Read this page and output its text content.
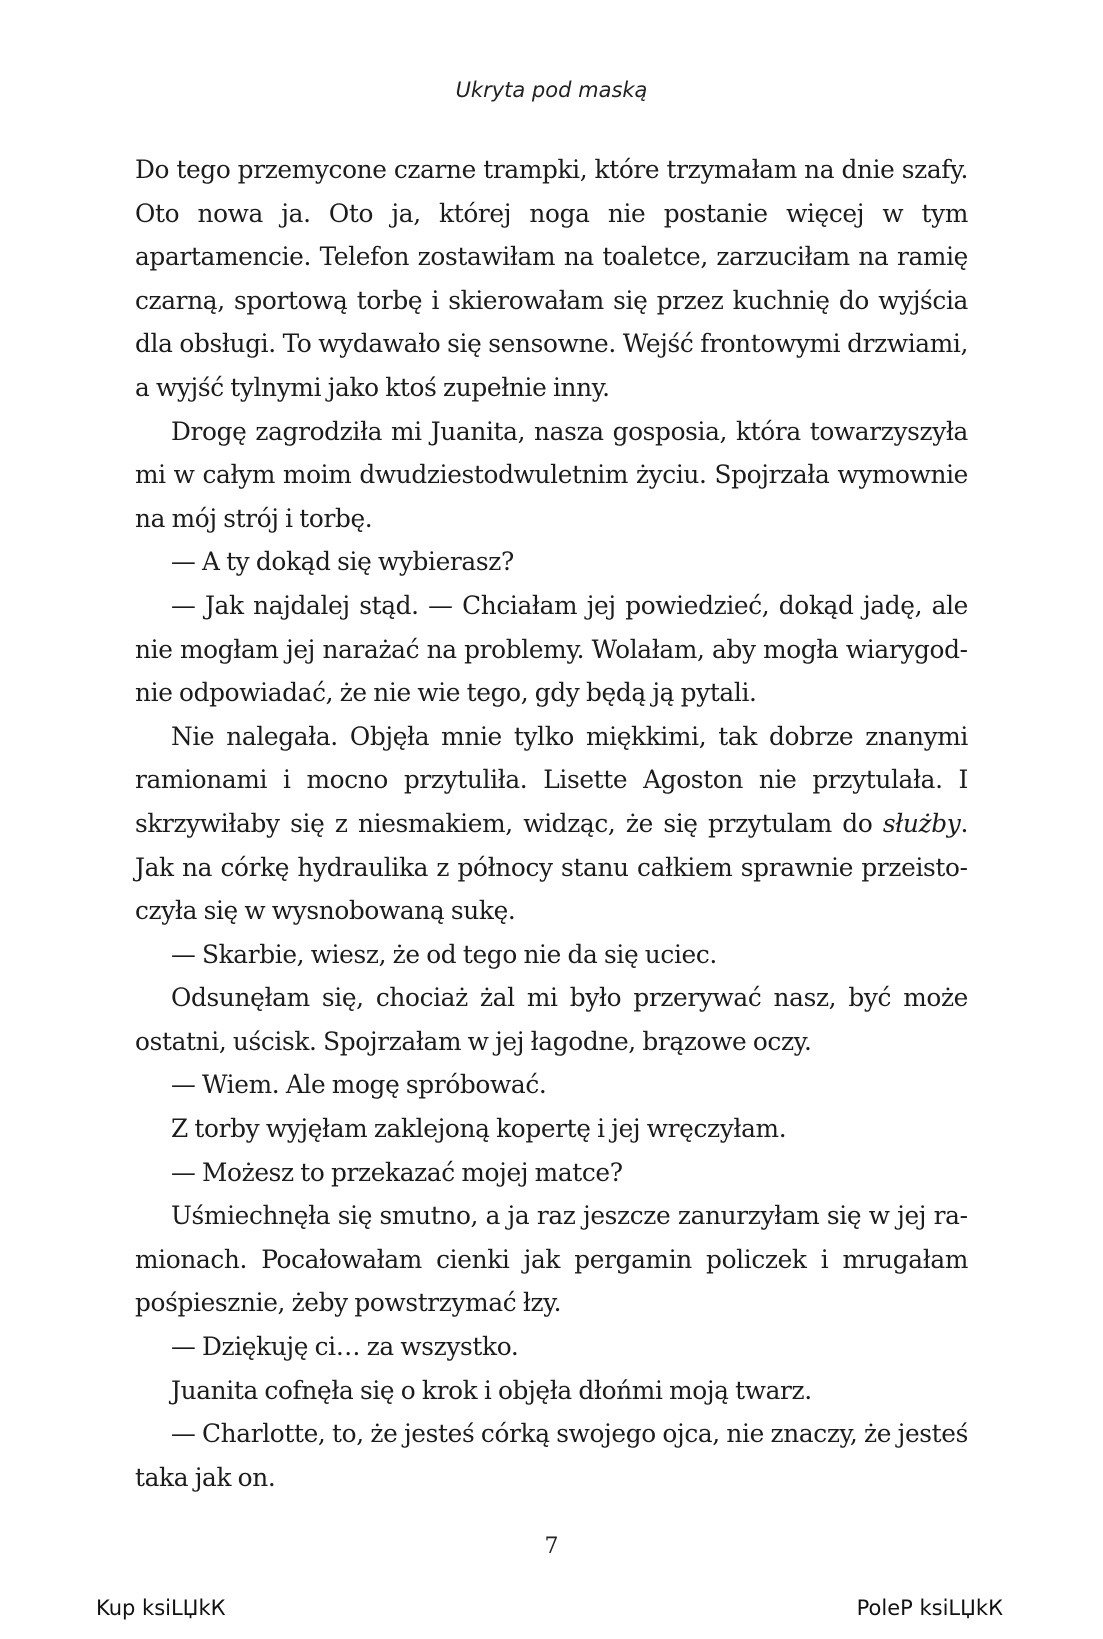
Ukryta pod maską

Do tego przemycone czarne trampki, które trzymałam na dnie szafy. Oto nowa ja. Oto ja, której noga nie postanie więcej w tym apartamencie. Telefon zostawiłam na toaletce, zarzuciłam na ramię czarną, sportową torbę i skierowałam się przez kuchnię do wyjścia dla obsługi. To wydawało się sensowne. Wejść frontowymi drzwiami, a wyjść tylnymi jako ktoś zupełnie inny.

Drogę zagrodziła mi Juanita, nasza gosposia, która towarzyszyła mi w całym moim dwudziestodwuletnim życiu. Spojrzała wymownie na mój strój i torbę.

— A ty dokąd się wybierasz?

— Jak najdalej stąd. — Chciałam jej powiedzieć, dokąd jadę, ale nie mogłam jej narażać na problemy. Wolałam, aby mogła wiarygodnie odpowiadać, że nie wie tego, gdy będą ją pytali.

Nie nalegała. Objęła mnie tylko miękkimi, tak dobrze znanymi ramionami i mocno przytuliła. Lisette Agoston nie przytulała. I skrzywiłaby się z niesmakiem, widząc, że się przytulam do służby. Jak na córkę hydraulika z północy stanu całkiem sprawnie przeistoczyła się w wysnobowaną sukę.

— Skarbie, wiesz, że od tego nie da się uciec.

Odsunęłam się, chociaż żal mi było przerywać nasz, być może ostatni, uścisk. Spojrzałam w jej łagodne, brązowe oczy.

— Wiem. Ale mogę spróbować.

Z torby wyjęłam zaklejoną kopertę i jej wręczyłam.

— Możesz to przekazać mojej matce?

Uśmiechnęła się smutno, a ja raz jeszcze zanurzyłam się w jej ramionach. Pocałowałam cienki jak pergamin policzek i mrugałam pośpiesznie, żeby powstrzymać łzy.

— Dziękuję ci… za wszystko.

Juanita cofnęła się o krok i objęła dłońmi moją twarz.

— Charlotte, to, że jesteś córką swojego ojca, nie znaczy, że jesteś taka jak on.

7
Kup ksiLЏkК	PoleP ksiLЏkК
